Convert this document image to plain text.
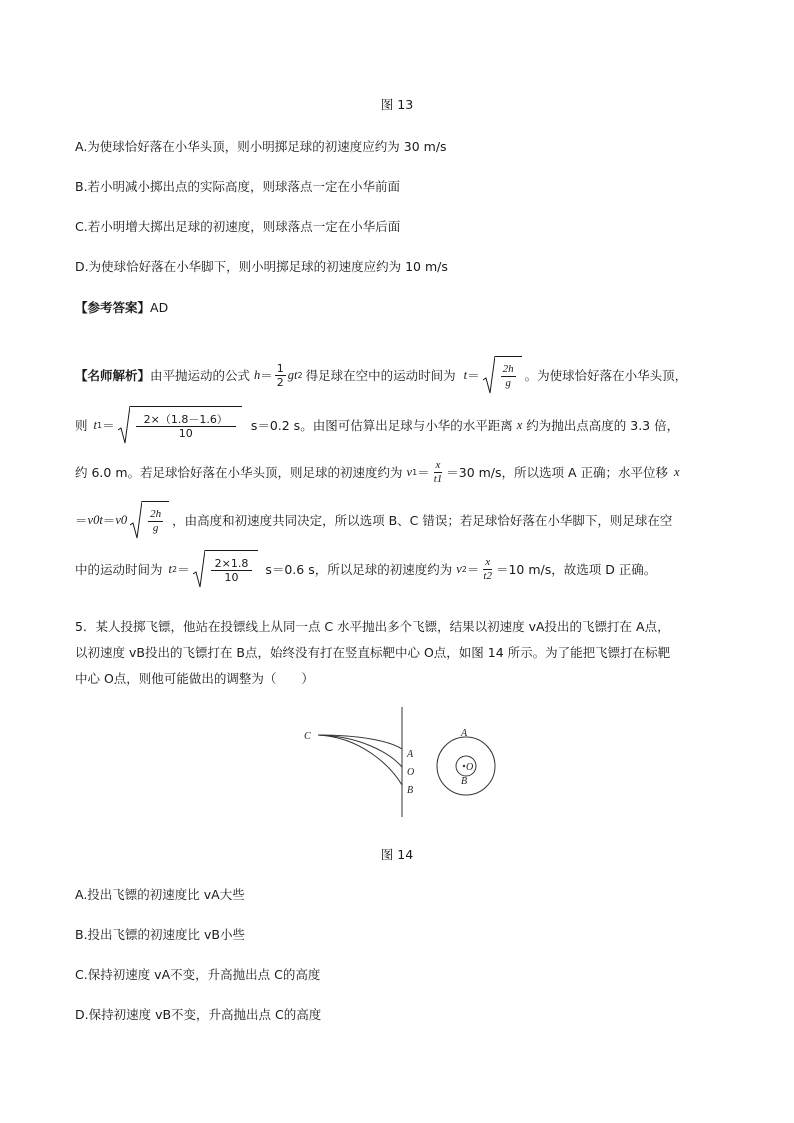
图 13
A.为使球恰好落在小华头顶，则小明掷足球的初速度应约为 30 m/s
B.若小明减小掷出点的实际高度，则球落点一定在小华前面
C.若小明增大掷出足球的初速度，则球落点一定在小华后面
D.为使球恰好落在小华脚下，则小明掷足球的初速度应约为 10 m/s
【参考答案】AD
【名师解析】 由平抛运动的公式 $h = \frac{1}{2}$ g t 2 得足球在空中的运动时间为 $t = \frac{2h}{g}$ 。为使球恰好落在小华头顶，
则 t $1 = \frac{2\times(1.8-1.6)}{10} s=0.2$ s。由图可估算出足球与小华的水平距离 x 约为抛出点高度的 3.3 倍，
约 6.0 m。若足球恰好落在小华头顶，则足球的初速度约为 v $1 = \frac{x}{t1} =30$ m/s，所以选项 A 正确；水平位移 x
＝ $v0t = v0 \frac{2h}{g}$ ，由高度和初速度共同决定，所以选项 B、C 错误；若足球恰好落在小华脚下，则足球在空
中的运动时间为 t $2 = \frac{2\times 1.8}{10} s=0.6$ s，所以足球的初速度约为 v $2 = \frac{x}{t2} =10$ m/s，故选项 D 正确。
5．某人投掷飞镖，他站在投镖线上从同一点 C 水平抛出多个飞镖，结果以初速度 vA投出的飞镖打在 A点，
以初速度 vB投出的飞镖打在 B点，始终没有打在竖直标靶中心 O点，如图 14 所示。为了能把飞镖打在标靶
中心 O点，则他可能做出的调整为（　　）
C
A
O
B
A
O
B
图 14
A.投出飞镖的初速度比 vA大些
B.投出飞镖的初速度比 vB小些
C.保持初速度 vA不变，升高抛出点 C的高度
D.保持初速度 vB不变，升高抛出点 C的高度
